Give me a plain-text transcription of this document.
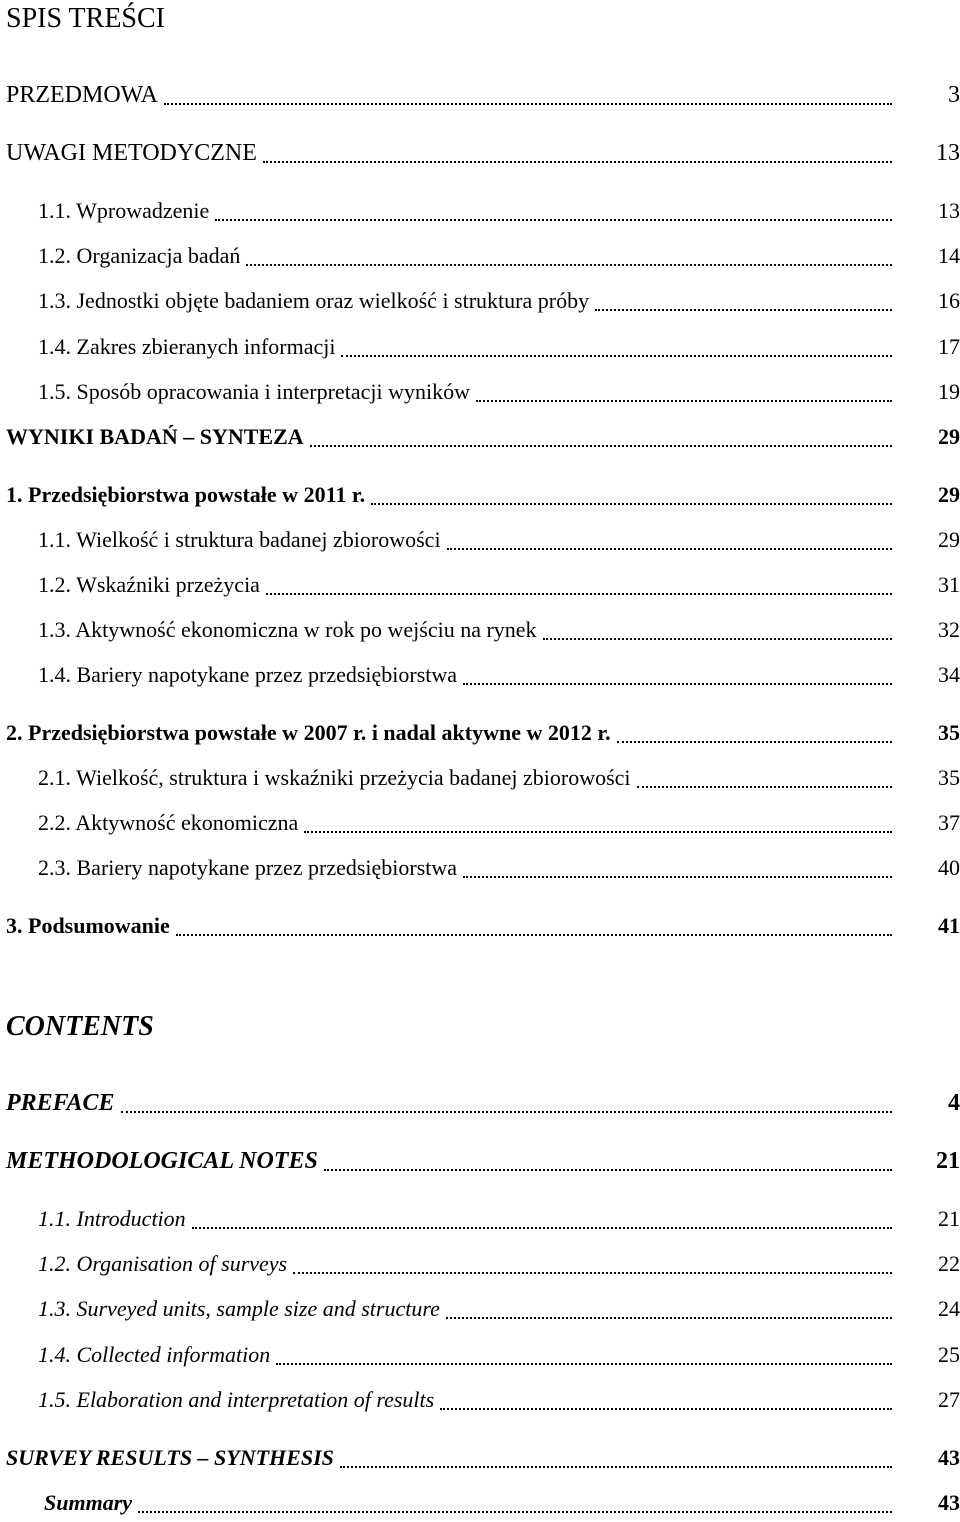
SPIS TREŚCI
PRZEDMOWA	3
UWAGI METODYCZNE	13
1.1. Wprowadzenie	13
1.2. Organizacja badań	14
1.3. Jednostki objęte badaniem oraz wielkość i struktura próby	16
1.4. Zakres zbieranych informacji	17
1.5. Sposób opracowania i interpretacji wyników	19
WYNIKI BADAŃ – SYNTEZA	29
1. Przedsiębiorstwa powstałe w 2011 r.	29
1.1. Wielkość i struktura badanej zbiorowości	29
1.2. Wskaźniki przeżycia	31
1.3. Aktywność ekonomiczna w rok po wejściu na rynek	32
1.4. Bariery napotykane przez przedsiębiorstwa	34
2. Przedsiębiorstwa powstałe w 2007 r. i nadal aktywne w 2012 r.	35
2.1. Wielkość, struktura i wskaźniki przeżycia badanej zbiorowości	35
2.2. Aktywność ekonomiczna	37
2.3. Bariery napotykane przez przedsiębiorstwa	40
3. Podsumowanie	41
CONTENTS
PREFACE	4
METHODOLOGICAL NOTES	21
1.1. Introduction	21
1.2. Organisation of surveys	22
1.3. Surveyed units, sample size and structure	24
1.4. Collected information	25
1.5. Elaboration and interpretation of results	27
SURVEY RESULTS – SYNTHESIS	43
Summary	43
